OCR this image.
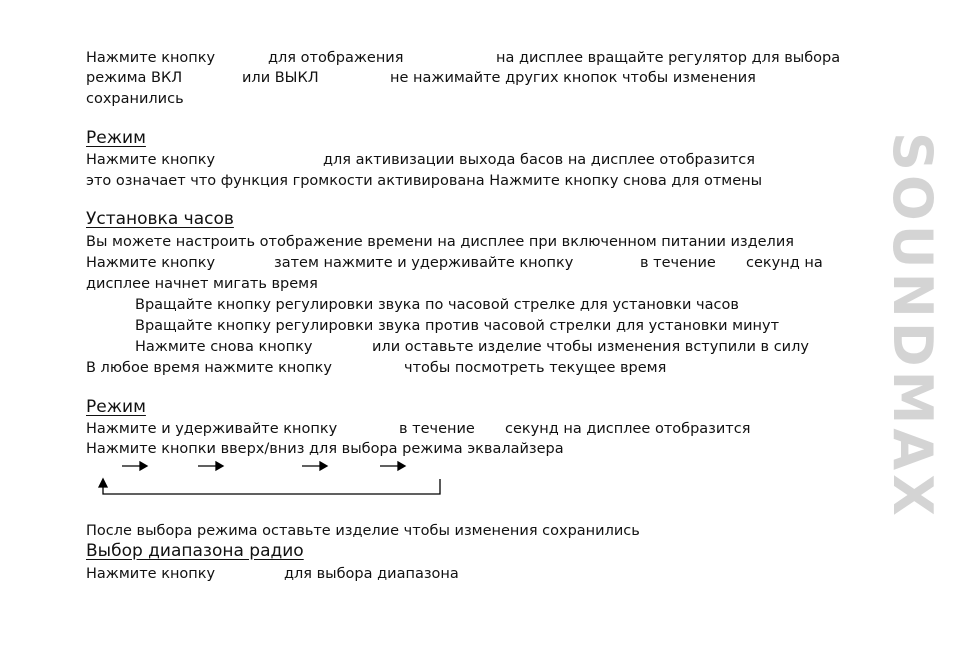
SOUNDMAX
Нажмите кнопку	для отображения	на дисплее вращайте регулятор для выбора
режима ВКЛ	или ВЫКЛ	не нажимайте других кнопок чтобы изменения
сохранились
Режим
Нажмите кнопку	для активизации выхода басов на дисплее отобразится
это означает что функция громкости активирована Нажмите кнопку снова для отмены
Установка часов
Вы можете настроить отображение времени на дисплее при включенном питании изделия
Нажмите кнопку	затем нажмите и удерживайте кнопку	в течение секунд на
дисплее начнет мигать время
Вращайте кнопку регулировки звука по часовой стрелке для установки часов
Вращайте кнопку регулировки звука против часовой стрелки для установки минут
Нажмите снова кнопку	или оставьте изделие чтобы изменения вступили в силу
В любое время нажмите кнопку	чтобы посмотреть текущее время
Режим
Нажмите и удерживайте кнопку	в течение секунд на дисплее отобразится
Нажмите кнопки вверх/вниз для выбора режима эквалайзера
После выбора режима оставьте изделие чтобы изменения сохранились
Выбор диапазона радио
Нажмите кнопку	для выбора диапазона
